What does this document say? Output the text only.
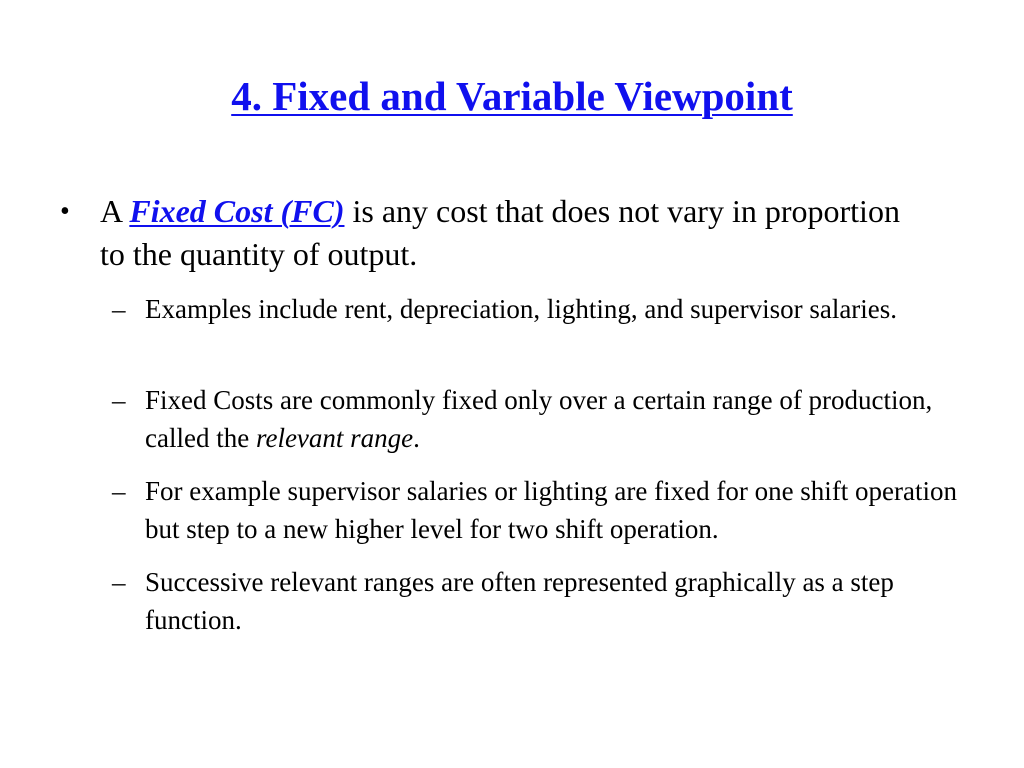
4. Fixed and Variable Viewpoint
• A Fixed Cost (FC) is any cost that does not vary in proportion to the quantity of output.
– Examples include rent, depreciation, lighting, and supervisor salaries.
– Fixed Costs are commonly fixed only over a certain range of production, called the relevant range.
– For example supervisor salaries or lighting are fixed for one shift operation but step to a new higher level for two shift operation.
– Successive relevant ranges are often represented graphically as a step function.
